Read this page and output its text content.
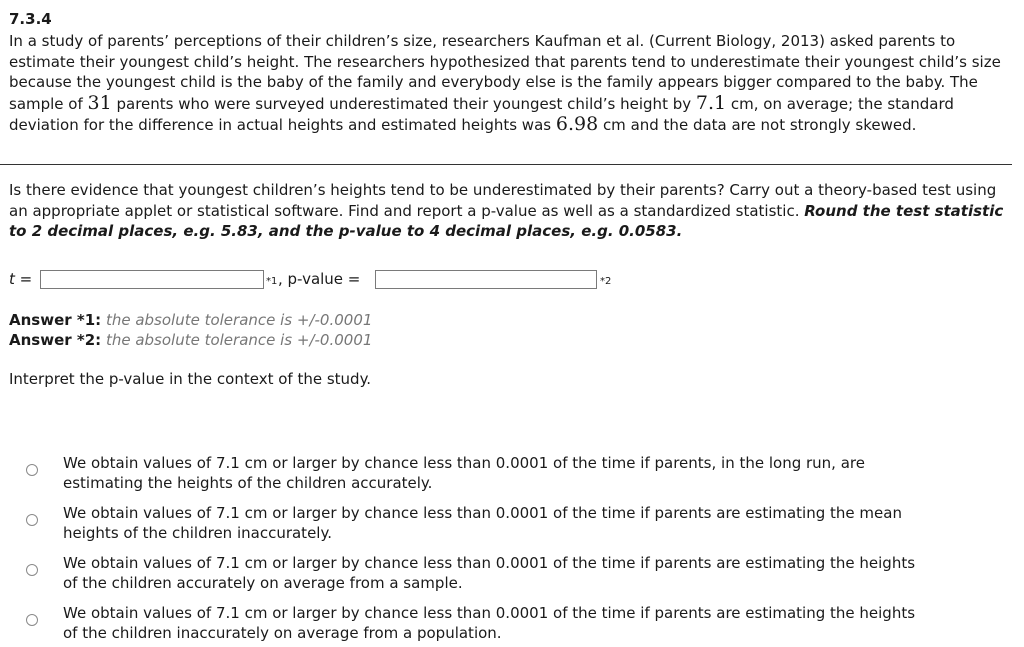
7.3.4
In a study of parents’ perceptions of their children’s size, researchers Kaufman et al. (Current Biology, 2013) asked parents to estimate their youngest child’s height. The researchers hypothesized that parents tend to underestimate their youngest child’s size because the youngest child is the baby of the family and everybody else is the family appears bigger compared to the baby. The sample of 31 parents who were surveyed underestimated their youngest child’s height by 7.1 cm, on average; the standard deviation for the difference in actual heights and estimated heights was 6.98 cm and the data are not strongly skewed.
Is there evidence that youngest children’s heights tend to be underestimated by their parents? Carry out a theory-based test using an appropriate applet or statistical software. Find and report a p-value as well as a standardized statistic. Round the test statistic to 2 decimal places, e.g. 5.83, and the p-value to 4 decimal places, e.g. 0.0583.
t =	*1 , p-value =	*2
Answer *1: the absolute tolerance is +/-0.0001
Answer *2: the absolute tolerance is +/-0.0001
Interpret the p-value in the context of the study.
We obtain values of 7.1 cm or larger by chance less than 0.0001 of the time if parents, in the long run, are
estimating the heights of the children accurately.
We obtain values of 7.1 cm or larger by chance less than 0.0001 of the time if parents are estimating the mean
heights of the children inaccurately.
We obtain values of 7.1 cm or larger by chance less than 0.0001 of the time if parents are estimating the heights
of the children accurately on average from a sample.
We obtain values of 7.1 cm or larger by chance less than 0.0001 of the time if parents are estimating the heights
of the children inaccurately on average from a population.
